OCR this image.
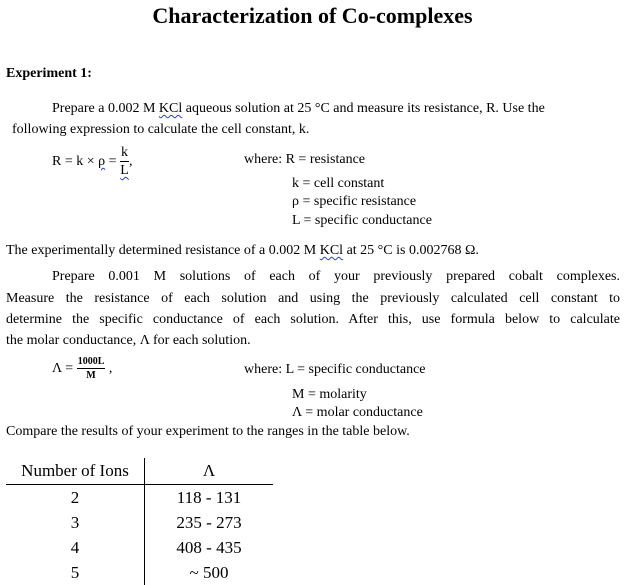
Characterization of Co-complexes
Experiment 1:
Prepare a 0.002 M KCl aqueous solution at 25 °C and measure its resistance, R. Use the
following expression to calculate the cell constant, k.
$R = k \times \rho = \frac{k}{L}$ ,	where: R = resistance
k = cell constant
ρ = specific resistance
L = specific conductance
The experimentally determined resistance of a 0.002 M KCl at 25 °C is 0.002768 Ω.
Prepare 0.001 M solutions of each of your previously prepared cobalt complexes.
Measure the resistance of each solution and using the previously calculated cell constant to
determine the specific conductance of each solution. After this, use formula below to calculate
the molar conductance, Λ for each solution.
$\Lambda = \frac{1000L}{M}$ ,	where: L = specific conductance
M = molarity
Λ = molar conductance
Compare the results of your experiment to the ranges in the table below.
Number of Ions	Λ
2	118 - 131
3	235 - 273
4	408 - 435
5	~ 500
